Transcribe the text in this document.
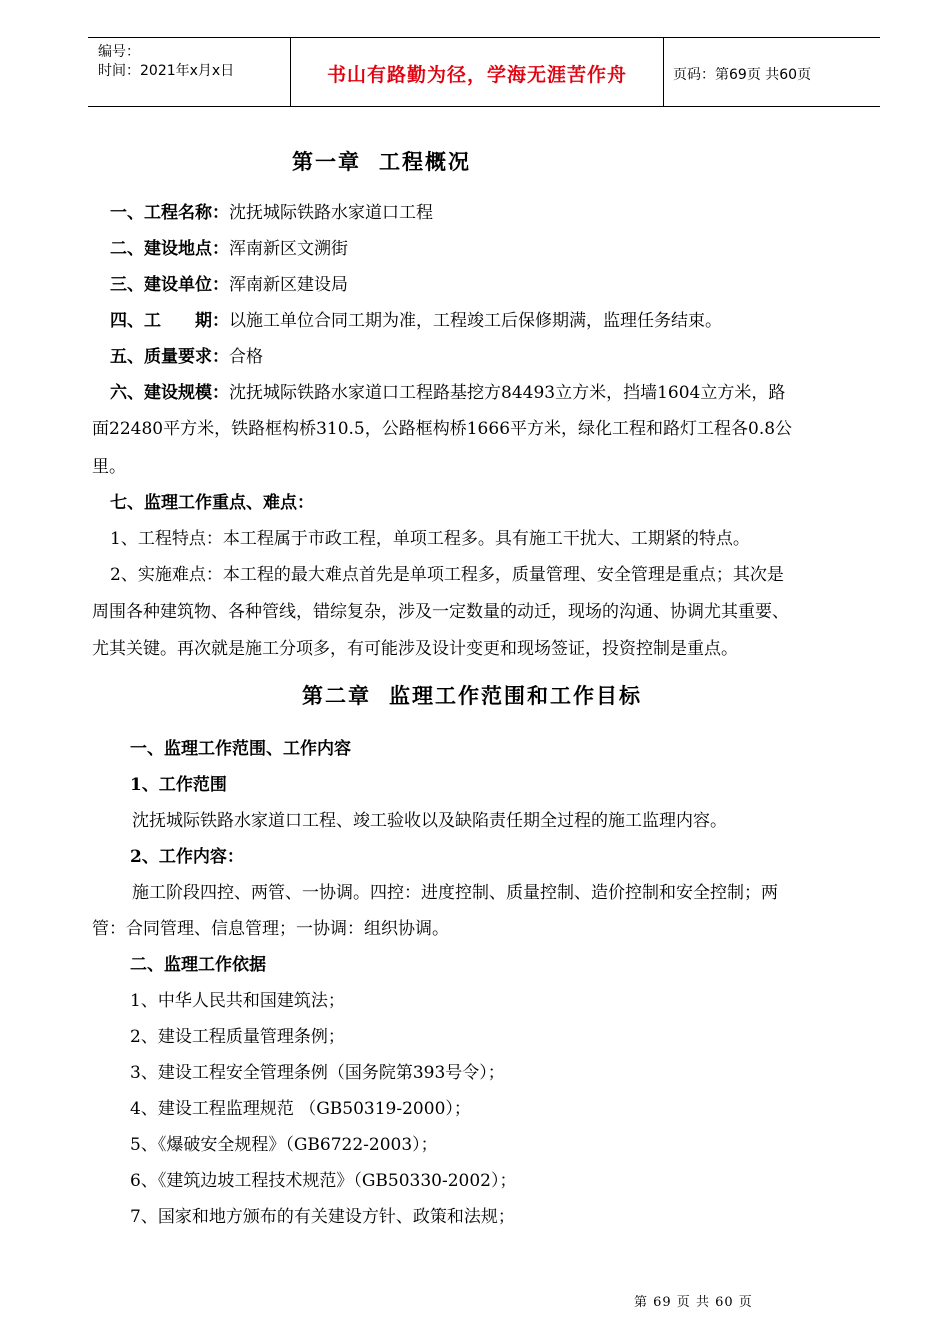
编号：
时间：2021年x月x日	书山有路勤为径，学海无涯苦作舟	页码：第69页 共60页
第一章 工程概况
一、工程名称：沈抚城际铁路水家道口工程
二、建设地点：浑南新区文溯街
三、建设单位：浑南新区建设局
四、工 期：以施工单位合同工期为准，工程竣工后保修期满，监理任务结束。
五、质量要求：合格
六、建设规模：沈抚城际铁路水家道口工程路基挖方84493立方米，挡墙1604立方米，路
面22480平方米，铁路框构桥310.5，公路框构桥1666平方米，绿化工程和路灯工程各0.8公
里。
七、监理工作重点、难点：
1、工程特点：本工程属于市政工程，单项工程多。具有施工干扰大、工期紧的特点。
2、实施难点：本工程的最大难点首先是单项工程多，质量管理、安全管理是重点；其次是
周围各种建筑物、各种管线，错综复杂，涉及一定数量的动迁，现场的沟通、协调尤其重要、
尤其关键。再次就是施工分项多，有可能涉及设计变更和现场签证，投资控制是重点。
第二章 监理工作范围和工作目标
一、监理工作范围、工作内容
1、工作范围
沈抚城际铁路水家道口工程、竣工验收以及缺陷责任期全过程的施工监理内容。
2、工作内容：
施工阶段四控、两管、一协调。四控：进度控制、质量控制、造价控制和安全控制；两
管：合同管理、信息管理；一协调：组织协调。
二、监理工作依据
1、中华人民共和国建筑法；
2、建设工程质量管理条例；
3、建设工程安全管理条例（国务院第393号令）；
4、建设工程监理规范 （GB50319-2000）；
5、《爆破安全规程》（GB6722-2003）；
6、《建筑边坡工程技术规范》（GB50330-2002）；
7、国家和地方颁布的有关建设方针、政策和法规；
第 69 页 共 60 页
